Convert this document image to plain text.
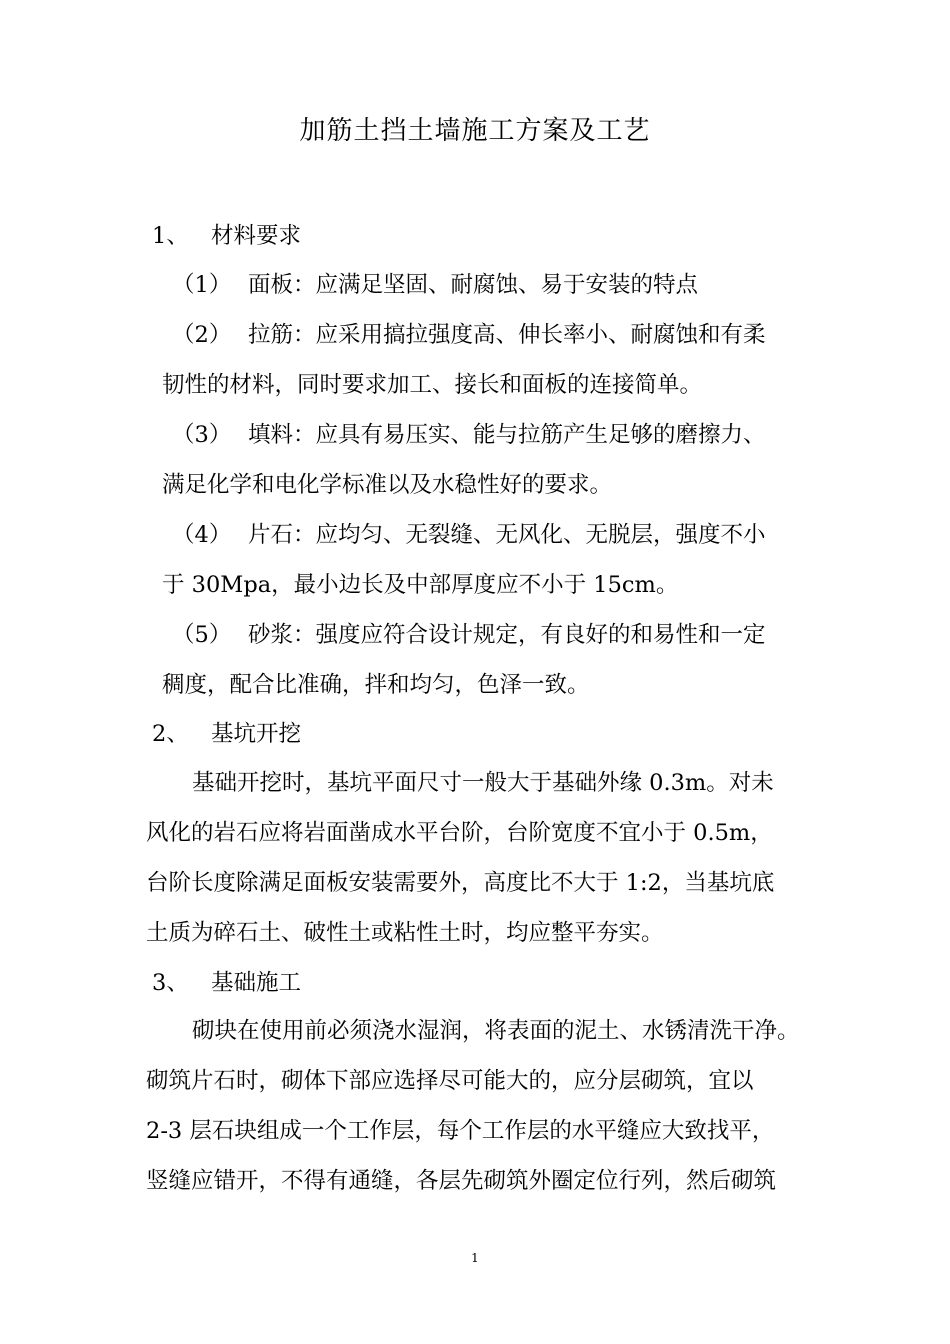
加筋土挡土墙施工方案及工艺
1、 材料要求
（1） 面板：应满足坚固、耐腐蚀、易于安装的特点
（2） 拉筋：应采用搞拉强度高、伸长率小、耐腐蚀和有柔
韧性的材料，同时要求加工、接长和面板的连接简单。
（3） 填料：应具有易压实、能与拉筋产生足够的磨擦力、
满足化学和电化学标准以及水稳性好的要求。
（4） 片石：应均匀、无裂缝、无风化、无脱层，强度不小
于 30Mpa，最小边长及中部厚度应不小于 15cm。
（5） 砂浆：强度应符合设计规定，有良好的和易性和一定
稠度，配合比准确，拌和均匀，色泽一致。
2、 基坑开挖
基础开挖时，基坑平面尺寸一般大于基础外缘 0.3m。对未
风化的岩石应将岩面凿成水平台阶，台阶宽度不宜小于 0.5m，
台阶长度除满足面板安装需要外，高度比不大于 1:2，当基坑底
土质为碎石土、破性土或粘性土时，均应整平夯实。
3、 基础施工
砌块在使用前必须浇水湿润，将表面的泥土、水锈清洗干净。
砌筑片石时，砌体下部应选择尽可能大的，应分层砌筑，宜以
2-3 层石块组成一个工作层，每个工作层的水平缝应大致找平，
竖缝应错开，不得有通缝，各层先砌筑外圈定位行列，然后砌筑
1
